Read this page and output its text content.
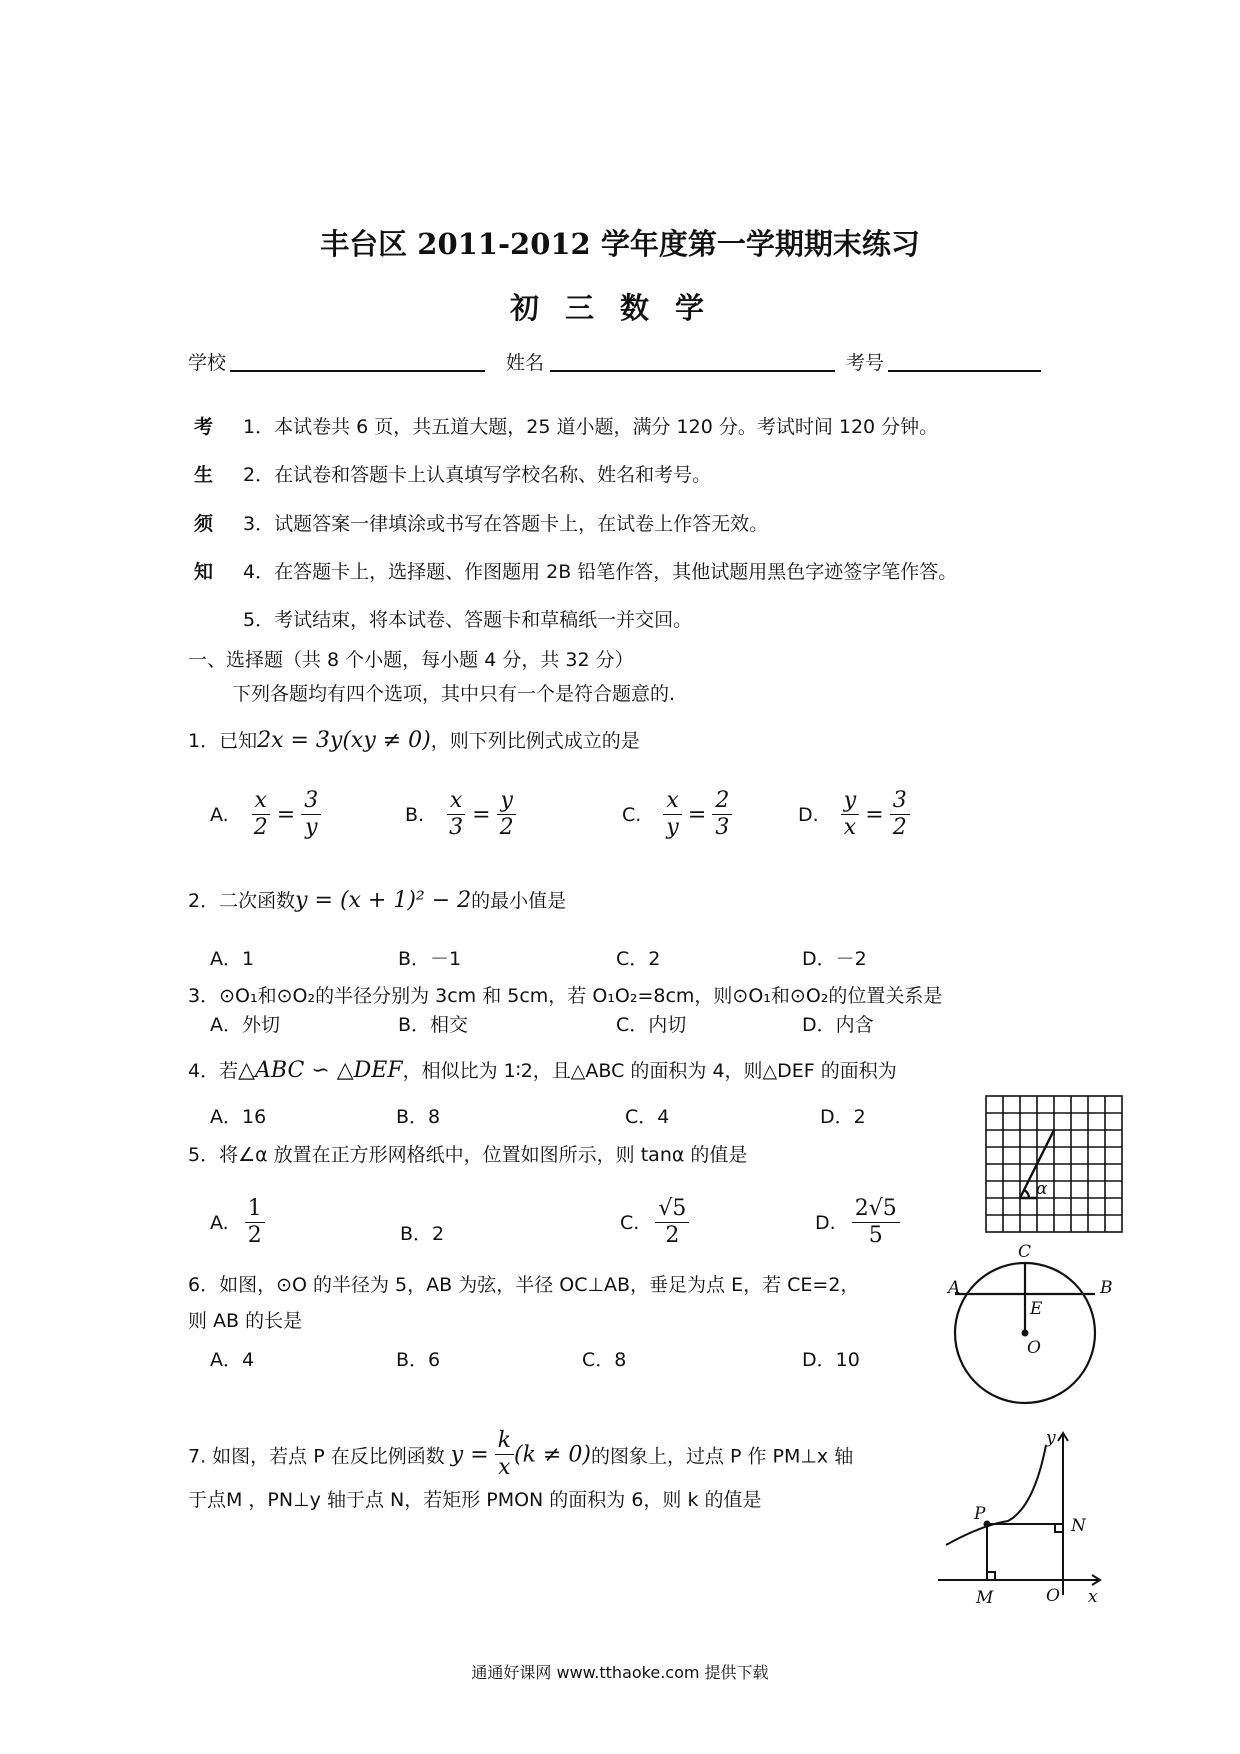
丰台区 2011-2012 学年度第一学期期末练习
初三数学
学校	姓名	考号
考
生
须
知
1．本试卷共 6 页，共五道大题，25 道小题，满分 120 分。考试时间 120 分钟。
2．在试卷和答题卡上认真填写学校名称、姓名和考号。
3．试题答案一律填涂或书写在答题卡上，在试卷上作答无效。
4．在答题卡上，选择题、作图题用 2B 铅笔作答，其他试题用黑色字迹签字笔作答。
5．考试结束，将本试卷、答题卡和草稿纸一并交回。
一、选择题（共 8 个小题，每小题 4 分，共 32 分）
下列各题均有四个选项，其中只有一个是符合题意的.
1．已知2x = 3y(xy ≠ 0)，则下列比例式成立的是
A. $\frac{x}{2} = \frac{3}{y}$	B. $\frac{x}{3} = \frac{y}{2}$	C. $\frac{x}{y} = \frac{2}{3}$	D. $\frac{y}{x} = \frac{3}{2}$
2．二次函数y = (x + 1)² − 2的最小值是
A．1	B．－1	C．2	D．－2
3．⊙O₁和⊙O₂的半径分别为 3cm 和 5cm，若 O₁O₂=8cm，则⊙O₁和⊙O₂的位置关系是
A．外切	B．相交	C．内切	D．内含
4．若△ABC ∽ △DEF，相似比为 1∶2，且△ABC 的面积为 4，则△DEF 的面积为
A．16	B．8	C．4	D．2
5．将∠α 放置在正方形网格纸中，位置如图所示，则 tanα 的值是
A. $\frac{1}{2}$	B．2
C. $\frac{√5}{2}$	D. $\frac{2√5}{5}$
α
6．如图，⊙O 的半径为 5，AB 为弦，半径 OC⊥AB，垂足为点 E，若 CE=2，
则 AB 的长是
A．4	B．6	C．8	D．10
C
A	B
E
O
7. 如图，若点 P 在反比例函数 $y = \frac{k}{x} (k \ne 0)$的图象上，过点 P 作 PM⊥x 轴
于点M ，PN⊥y 轴于点 N，若矩形 PMON 的面积为 6，则 k 的值是
y
x
P
N
M	O
通通好课网 www.tthaoke.com 提供下载
